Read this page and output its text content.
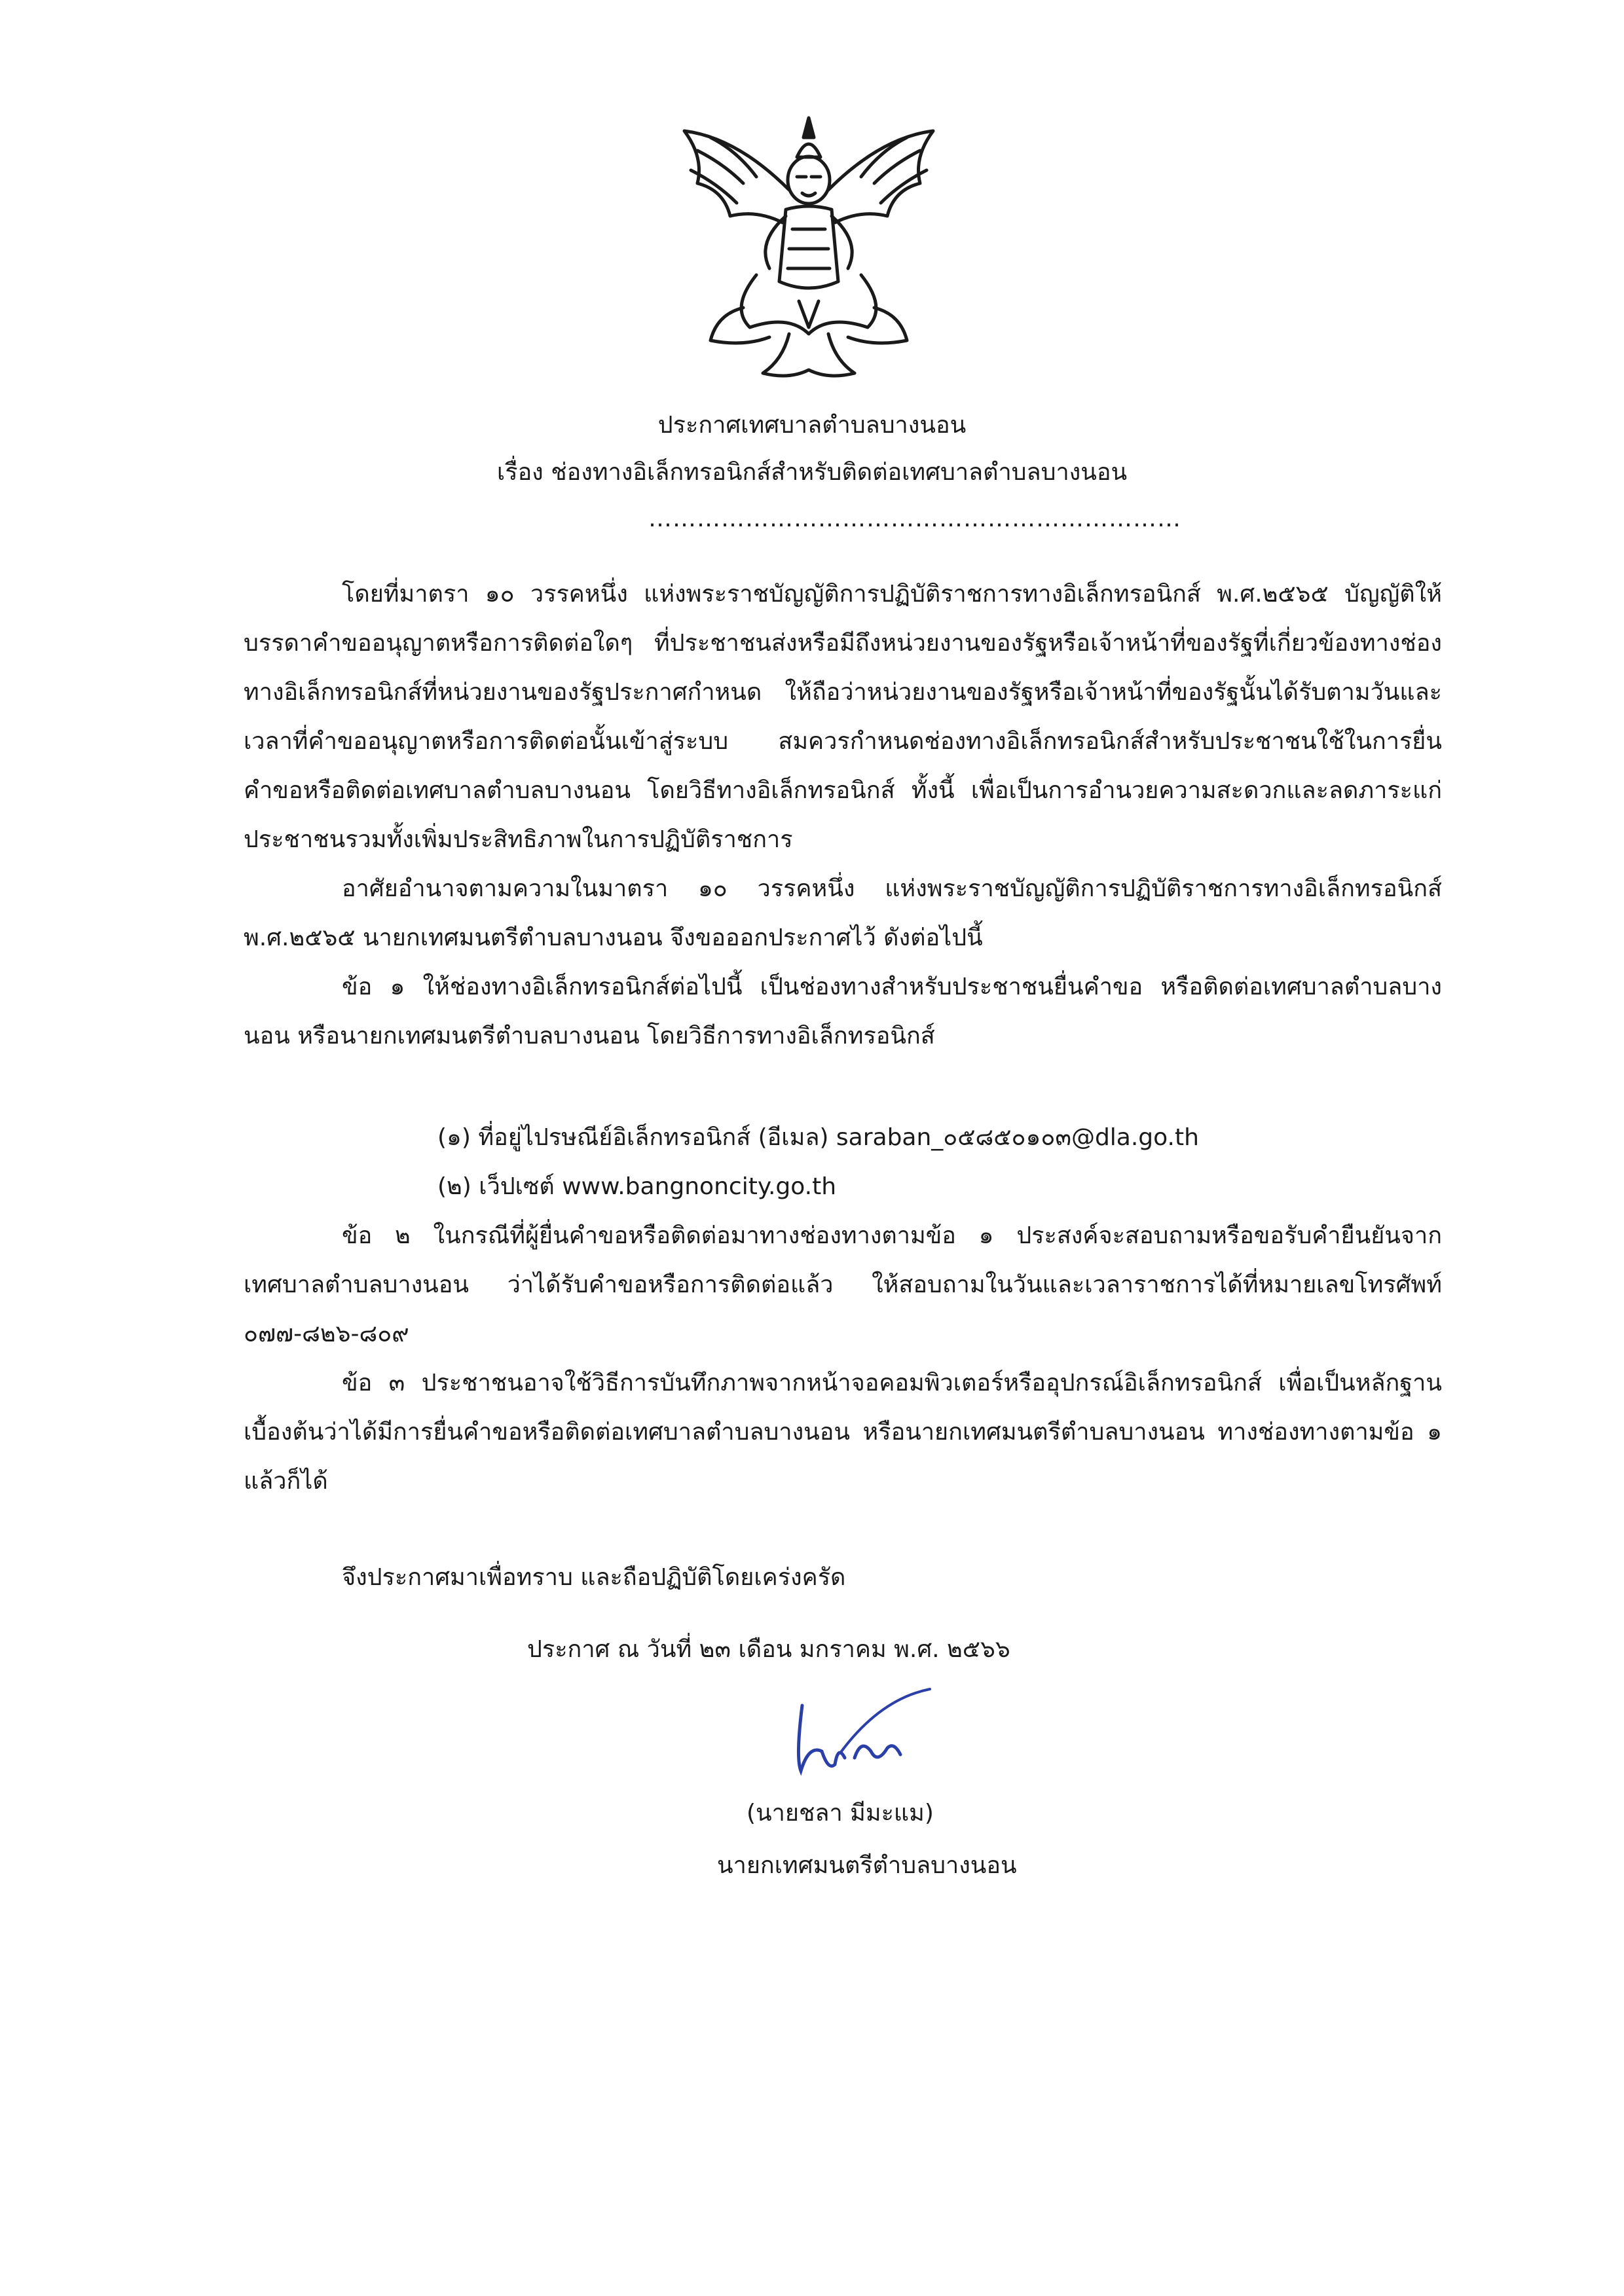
ประกาศเทศบาลตำบลบางนอน
เรื่อง ช่องทางอิเล็กทรอนิกส์สำหรับติดต่อเทศบาลตำบลบางนอน
…………………………………………………………

โดยที่มาตรา ๑๐ วรรคหนึ่ง แห่งพระราชบัญญัติการปฏิบัติราชการทางอิเล็กทรอนิกส์ พ.ศ.๒๕๖๕ บัญญัติให้บรรดาคำขออนุญาตหรือการติดต่อใดๆ ที่ประชาชนส่งหรือมีถึงหน่วยงานของรัฐหรือเจ้าหน้าที่ของรัฐที่เกี่ยวข้องทางช่องทางอิเล็กทรอนิกส์ที่หน่วยงานของรัฐประกาศกำหนด ให้ถือว่าหน่วยงานของรัฐหรือเจ้าหน้าที่ของรัฐนั้นได้รับตามวันและเวลาที่คำขออนุญาตหรือการติดต่อนั้นเข้าสู่ระบบ สมควรกำหนดช่องทางอิเล็กทรอนิกส์สำหรับประชาชนใช้ในการยื่นคำขอหรือติดต่อเทศบาลตำบลบางนอน โดยวิธีทางอิเล็กทรอนิกส์ ทั้งนี้ เพื่อเป็นการอำนวยความสะดวกและลดภาระแก่ประชาชนรวมทั้งเพิ่มประสิทธิภาพในการปฏิบัติราชการ

อาศัยอำนาจตามความในมาตรา ๑๐ วรรคหนึ่ง แห่งพระราชบัญญัติการปฏิบัติราชการทางอิเล็กทรอนิกส์ พ.ศ.๒๕๖๕ นายกเทศมนตรีตำบลบางนอน จึงขอออกประกาศไว้ ดังต่อไปนี้

ข้อ ๑ ให้ช่องทางอิเล็กทรอนิกส์ต่อไปนี้ เป็นช่องทางสำหรับประชาชนยื่นคำขอ หรือติดต่อเทศบาลตำบลบางนอน หรือนายกเทศมนตรีตำบลบางนอน โดยวิธีการทางอิเล็กทรอนิกส์

(๑) ที่อยู่ไปรษณีย์อิเล็กทรอนิกส์ (อีเมล) saraban_๐๕๘๕๐๑๐๓@dla.go.th
(๒) เว็ปเซต์ www.bangnoncity.go.th

ข้อ ๒ ในกรณีที่ผู้ยื่นคำขอหรือติดต่อมาทางช่องทางตามข้อ ๑ ประสงค์จะสอบถามหรือขอรับคำยืนยันจากเทศบาลตำบลบางนอน ว่าได้รับคำขอหรือการติดต่อแล้ว ให้สอบถามในวันและเวลาราชการได้ที่หมายเลขโทรศัพท์ ๐๗๗-๘๒๖-๘๐๙

ข้อ ๓ ประชาชนอาจใช้วิธีการบันทึกภาพจากหน้าจอคอมพิวเตอร์หรืออุปกรณ์อิเล็กทรอนิกส์ เพื่อเป็นหลักฐานเบื้องต้นว่าได้มีการยื่นคำขอหรือติดต่อเทศบาลตำบลบางนอน หรือนายกเทศมนตรีตำบลบางนอน ทางช่องทางตามข้อ ๑ แล้วก็ได้

จึงประกาศมาเพื่อทราบ และถือปฏิบัติโดยเคร่งครัด
ประกาศ ณ วันที่ ๒๓ เดือน มกราคม พ.ศ. ๒๕๖๖
(นายชลา มีมะแม)
นายกเทศมนตรีตำบลบางนอน
